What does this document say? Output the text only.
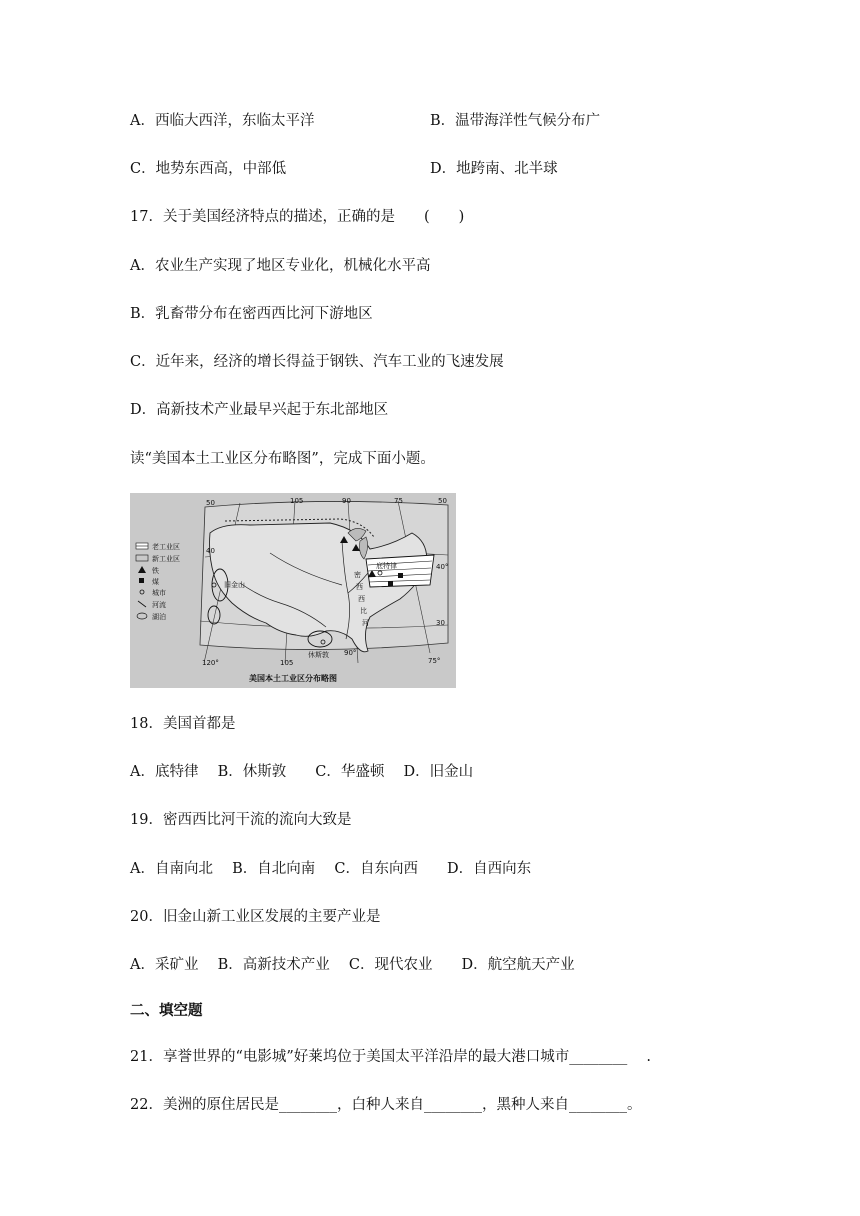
A．西临大西洋，东临太平洋	B．温带海洋性气候分布广
C．地势东西高，中部低	D．地跨南、北半球
17．关于美国经济特点的描述，正确的是　　(　　)
A．农业生产实现了地区专业化，机械化水平高
B．乳畜带分布在密西西比河下游地区
C．近年来，经济的增长得益于钢铁、汽车工业的飞速发展
D．高新技术产业最早兴起于东北部地区
读“美国本土工业区分布略图”，完成下面小题。
老工业区
新工业区
铁
煤
城市
河流
湖泊
旧金山
休斯敦
底特律
密
西
西
比
河
50	105	90	75	50
120°	105
90°
75°
40
40°
30
美国本土工业区分布略图
18．美国首都是
A．底特律　 B．休斯敦　　C．华盛顿　 D．旧金山
19．密西西比河干流的流向大致是
A．自南向北　 B．自北向南　 C．自东向西　　D．自西向东
20．旧金山新工业区发展的主要产业是
A．采矿业　 B．高新技术产业　 C．现代农业　　D．航空航天产业
二、填空题
21．享誉世界的“电影城”好莱坞位于美国太平洋沿岸的最大港口城市________　 .
22．美洲的原住居民是________，白种人来自________，黑种人来自________。
